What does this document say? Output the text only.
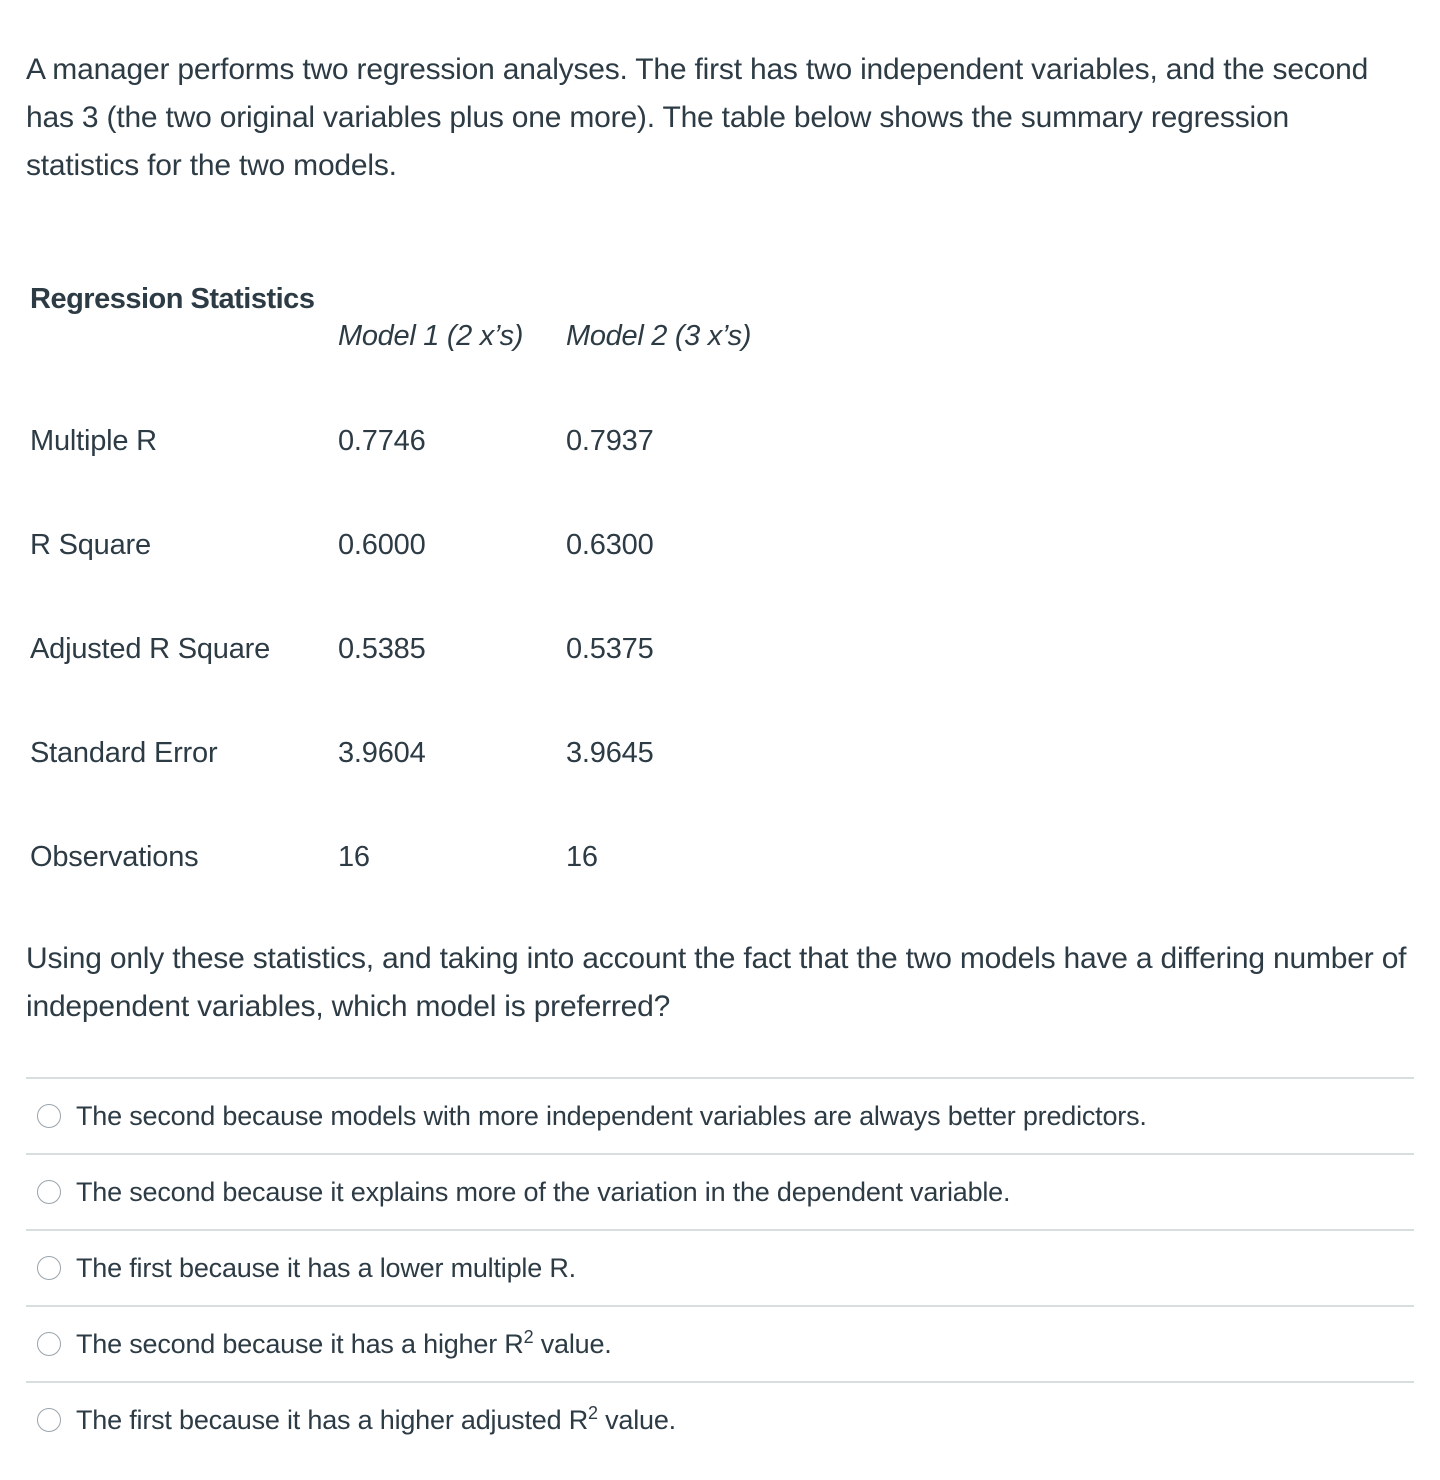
A manager performs two regression analyses. The first has two independent variables, and the second has 3 (the two original variables plus one more). The table below shows the summary regression statistics for the two models.
Regression Statistics
Model 1 (2 x’s) Model 2 (3 x’s)
Multiple R	0.7746	0.7937
R Square	0.6000	0.6300
Adjusted R Square 0.5385	0.5375
Standard Error	3.9604	3.9645
Observations	16	16
Using only these statistics, and taking into account the fact that the two models have a differing number of independent variables, which model is preferred?
The second because models with more independent variables are always better predictors.
The second because it explains more of the variation in the dependent variable.
The first because it has a lower multiple R.
The second because it has a higher $R^2$ value.
The first because it has a higher adjusted $R^2$ value.
